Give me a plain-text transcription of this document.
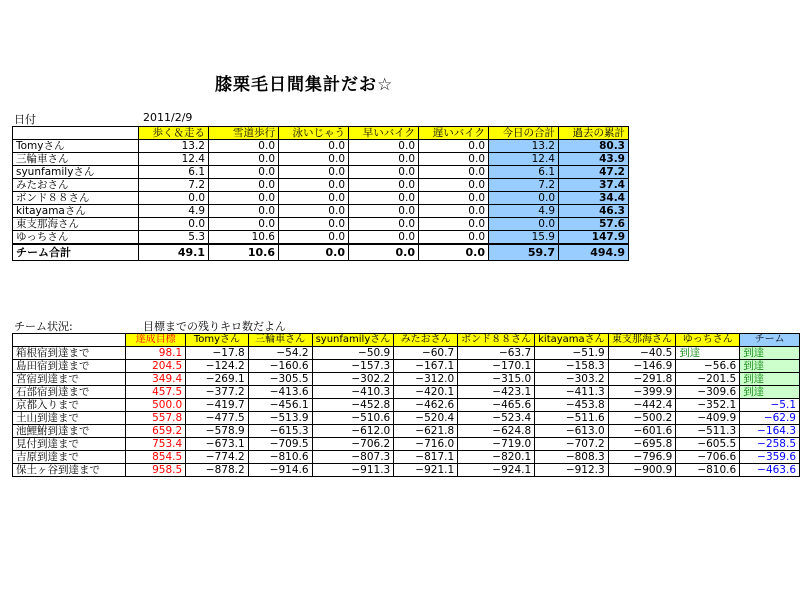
膝栗毛日間集計だお☆
日付	2011/2/9
	歩く＆走る	雪道歩行	泳いじゃう	早いバイク	遅いバイク	今日の合計	過去の累計
Tomyさん	13.2	0.0	0.0	0.0	0.0	13.2	80.3
三輪車さん	12.4	0.0	0.0	0.0	0.0	12.4	43.9
syunfamilyさん	6.1	0.0	0.0	0.0	0.0	6.1	47.2
みたおさん	7.2	0.0	0.0	0.0	0.0	7.2	37.4
ボンド８８さん	0.0	0.0	0.0	0.0	0.0	0.0	34.4
kitayamaさん	4.9	0.0	0.0	0.0	0.0	4.9	46.3
東支那海さん	0.0	0.0	0.0	0.0	0.0	0.0	57.6
ゆっちさん	5.3	10.6	0.0	0.0	0.0	15.9	147.9
チーム合計	49.1	10.6	0.0	0.0	0.0	59.7	494.9
チーム状況:	目標までの残りキロ数だよん
	達成目標	Tomyさん	三輪車さん	syunfamilyさん	みたおさん	ボンド８８さん	kitayamaさん	東支那海さん	ゆっちさん	チーム
箱根宿到達まで	98.1	−17.8	−54.2	−50.9	−60.7	−63.7	−51.9	−40.5	到達	到達
島田宿到達まで	204.5	−124.2	−160.6	−157.3	−167.1	−170.1	−158.3	−146.9	−56.6	到達
宮宿到達まで	349.4	−269.1	−305.5	−302.2	−312.0	−315.0	−303.2	−291.8	−201.5	到達
石部宿到達まで	457.5	−377.2	−413.6	−410.3	−420.1	−423.1	−411.3	−399.9	−309.6	到達
京都入りまで	500.0	−419.7	−456.1	−452.8	−462.6	−465.6	−453.8	−442.4	−352.1	−5.1
土山到達まで	557.8	−477.5	−513.9	−510.6	−520.4	−523.4	−511.6	−500.2	−409.9	−62.9
池鯉鮒到達まで	659.2	−578.9	−615.3	−612.0	−621.8	−624.8	−613.0	−601.6	−511.3	−164.3
見付到達まで	753.4	−673.1	−709.5	−706.2	−716.0	−719.0	−707.2	−695.8	−605.5	−258.5
吉原到達まで	854.5	−774.2	−810.6	−807.3	−817.1	−820.1	−808.3	−796.9	−706.6	−359.6
保土ヶ谷到達まで	958.5	−878.2	−914.6	−911.3	−921.1	−924.1	−912.3	−900.9	−810.6	−463.6
